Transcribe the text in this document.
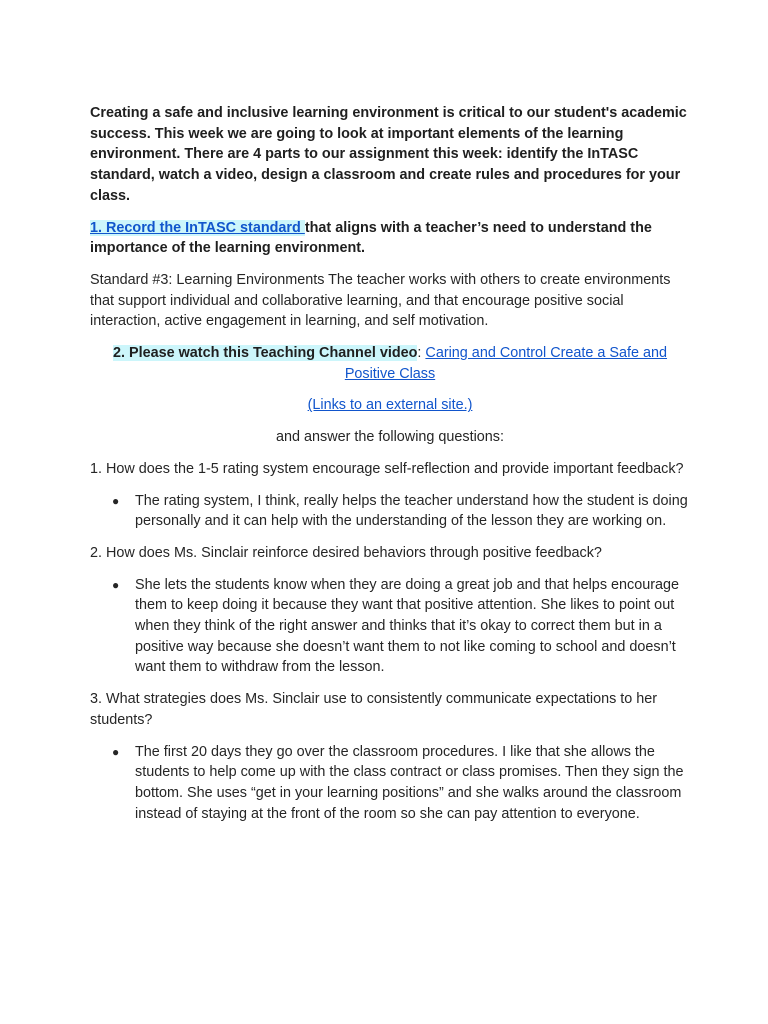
Creating a safe and inclusive learning environment is critical to our student's academic success. This week we are going to look at important elements of the learning environment. There are 4 parts to our assignment this week: identify the InTASC standard, watch a video, design a classroom and create rules and procedures for your class.

1. Record the InTASC standard that aligns with a teacher’s need to understand the importance of the learning environment.

Standard #3: Learning Environments The teacher works with others to create environments that support individual and collaborative learning, and that encourage positive social interaction, active engagement in learning, and self motivation.

2. Please watch this Teaching Channel video: Caring and Control Create a Safe and Positive Class

(Links to an external site.)

and answer the following questions:

1. How does the 1-5 rating system encourage self-reflection and provide important feedback?

● The rating system, I think, really helps the teacher understand how the student is doing personally and it can help with the understanding of the lesson they are working on.

2. How does Ms. Sinclair reinforce desired behaviors through positive feedback?

● She lets the students know when they are doing a great job and that helps encourage them to keep doing it because they want that positive attention. She likes to point out when they think of the right answer and thinks that it’s okay to correct them but in a positive way because she doesn’t want them to not like coming to school and doesn’t want them to withdraw from the lesson.

3. What strategies does Ms. Sinclair use to consistently communicate expectations to her students?

● The first 20 days they go over the classroom procedures. I like that she allows the students to help come up with the class contract or class promises. Then they sign the bottom. She uses “get in your learning positions” and she walks around the classroom instead of staying at the front of the room so she can pay attention to everyone.
